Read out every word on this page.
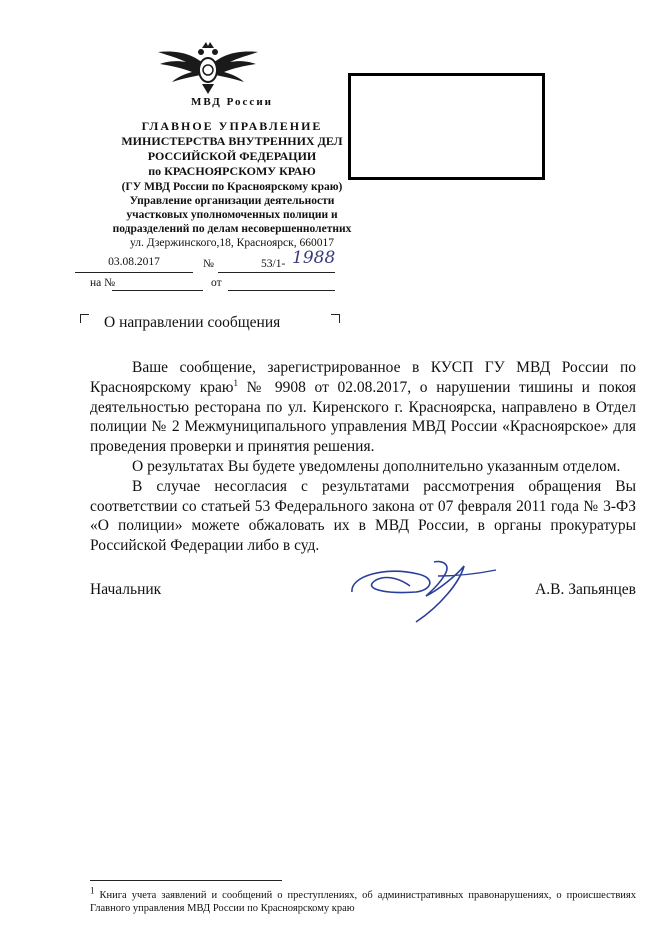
МВД России
ГЛАВНОЕ УПРАВЛЕНИЕ
МИНИСТЕРСТВА ВНУТРЕННИХ ДЕЛ
РОССИЙСКОЙ ФЕДЕРАЦИИ
по КРАСНОЯРСКОМУ КРАЮ
(ГУ МВД России по Красноярскому краю)
Управление организации деятельности
участковых уполномоченных полиции и
подразделений по делам несовершеннолетних
ул. Дзержинского,18, Красноярск, 660017
03.08.2017	№	53/1- 1988
на №	от
О направлении сообщения

Ваше сообщение, зарегистрированное в КУСП ГУ МВД России по Красноярскому краю$^1$ № 9908 от 02.08.2017, о нарушении тишины и покоя деятельностью ресторана по ул. Киренского г. Красноярска, направлено в Отдел полиции № 2 Межмуниципального управления МВД России «Красноярское» для проведения проверки и принятия решения.

О результатах Вы будете уведомлены дополнительно указанным отделом.

В случае несогласия с результатами рассмотрения обращения Вы соответствии со статьей 53 Федерального закона от 07 февраля 2011 года № 3-ФЗ «О полиции» можете обжаловать их в МВД России, в органы прокуратуры Российской Федерации либо в суд.

Начальник	А.В. Запьянцев
$^1$ Книга учета заявлений и сообщений о преступлениях, об административных правонарушениях, о происшествиях Главного управления МВД России по Красноярскому краю
